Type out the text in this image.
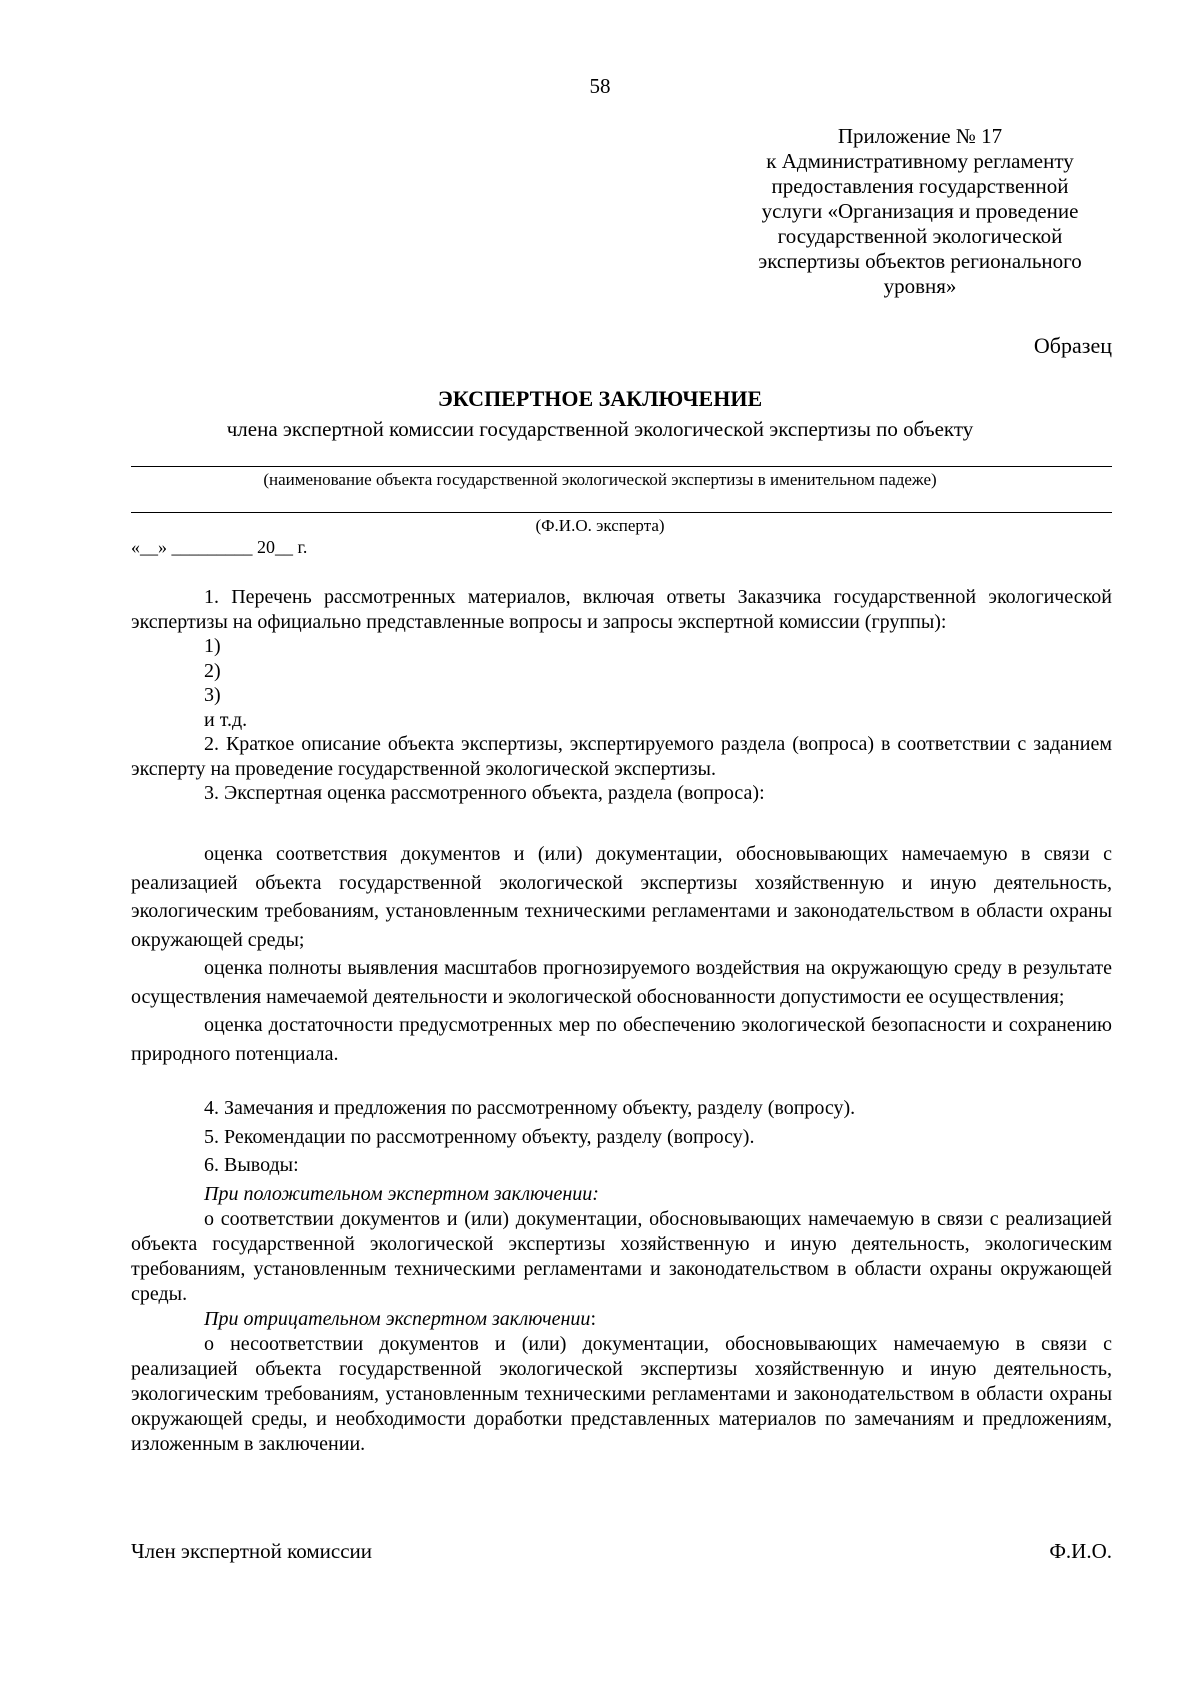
58
Приложение № 17
к Административному регламенту
предоставления государственной
услуги «Организация и проведение
государственной экологической
экспертизы объектов регионального
уровня»
Образец
ЭКСПЕРТНОЕ ЗАКЛЮЧЕНИЕ
члена экспертной комиссии государственной экологической экспертизы по объекту
(наименование объекта государственной экологической экспертизы в именительном падеже)
(Ф.И.О. эксперта)
«__» _________ 20__ г.
1. Перечень рассмотренных материалов, включая ответы Заказчика государственной экологической экспертизы на официально представленные вопросы и запросы экспертной комиссии (группы):
1)
2)
3)
и т.д.
2. Краткое описание объекта экспертизы, экспертируемого раздела (вопроса) в соответствии с заданием эксперту на проведение государственной экологической экспертизы.
3. Экспертная оценка рассмотренного объекта, раздела (вопроса):
оценка соответствия документов и (или) документации, обосновывающих намечаемую в связи с реализацией объекта государственной экологической экспертизы хозяйственную и иную деятельность, экологическим требованиям, установленным техническими регламентами и законодательством в области охраны окружающей среды;
оценка полноты выявления масштабов прогнозируемого воздействия на окружающую среду в результате осуществления намечаемой деятельности и экологической обоснованности допустимости ее осуществления;
оценка достаточности предусмотренных мер по обеспечению экологической безопасности и сохранению природного потенциала.
4. Замечания и предложения по рассмотренному объекту, разделу (вопросу).
5. Рекомендации по рассмотренному объекту, разделу (вопросу).
6. Выводы:
При положительном экспертном заключении:
о соответствии документов и (или) документации, обосновывающих намечаемую в связи с реализацией объекта государственной экологической экспертизы хозяйственную и иную деятельность, экологическим требованиям, установленным техническими регламентами и законодательством в области охраны окружающей среды.
При отрицательном экспертном заключении:
о несоответствии документов и (или) документации, обосновывающих намечаемую в связи с реализацией объекта государственной экологической экспертизы хозяйственную и иную деятельность, экологическим требованиям, установленным техническими регламентами и законодательством в области охраны окружающей среды, и необходимости доработки представленных материалов по замечаниям и предложениям, изложенным в заключении.
Член экспертной комиссии	Ф.И.О.
